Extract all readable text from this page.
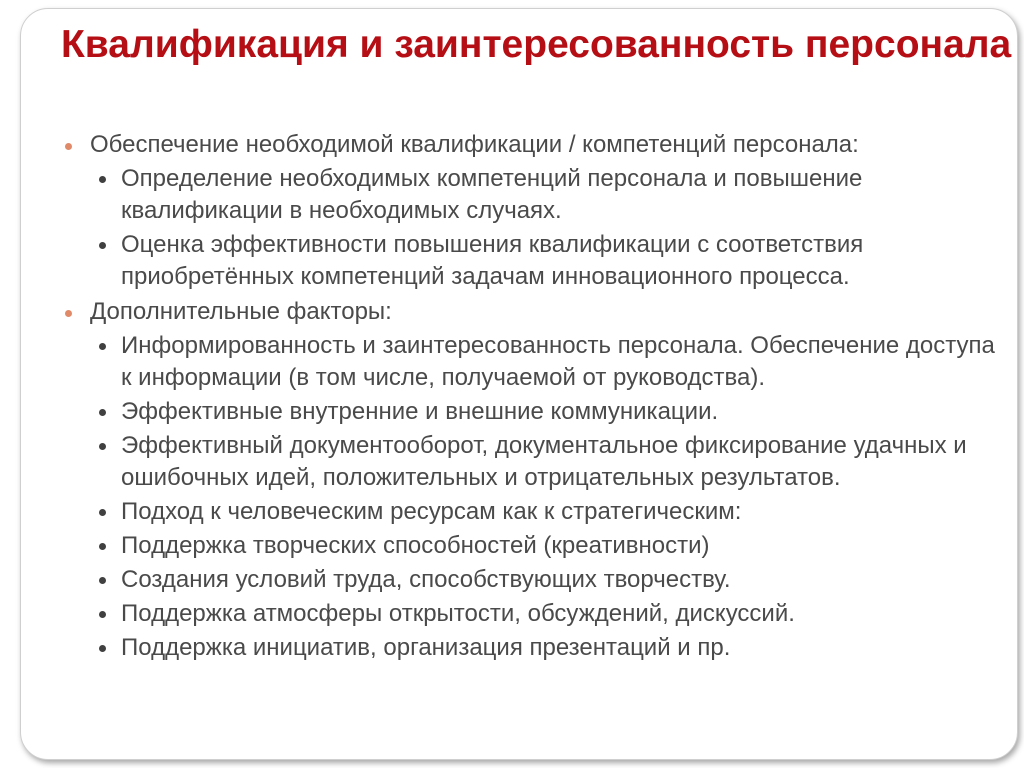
Квалификация и заинтересованность персонала
Обеспечение необходимой квалификации / компетенций персонала:
Определение необходимых компетенций персонала и повышение квалификации в необходимых случаях.
Оценка эффективности повышения квалификации с соответствия приобретённых компетенций задачам инновационного процесса.
Дополнительные факторы:
Информированность и заинтересованность персонала. Обеспечение доступа к информации (в том числе, получаемой от руководства).
Эффективные внутренние и внешние коммуникации.
Эффективный документооборот, документальное фиксирование удачных и ошибочных идей, положительных и отрицательных результатов.
Подход к человеческим ресурсам как к стратегическим:
Поддержка творческих способностей (креативности)
Создания условий труда, способствующих творчеству.
Поддержка атмосферы открытости, обсуждений, дискуссий.
Поддержка инициатив, организация презентаций и пр.
